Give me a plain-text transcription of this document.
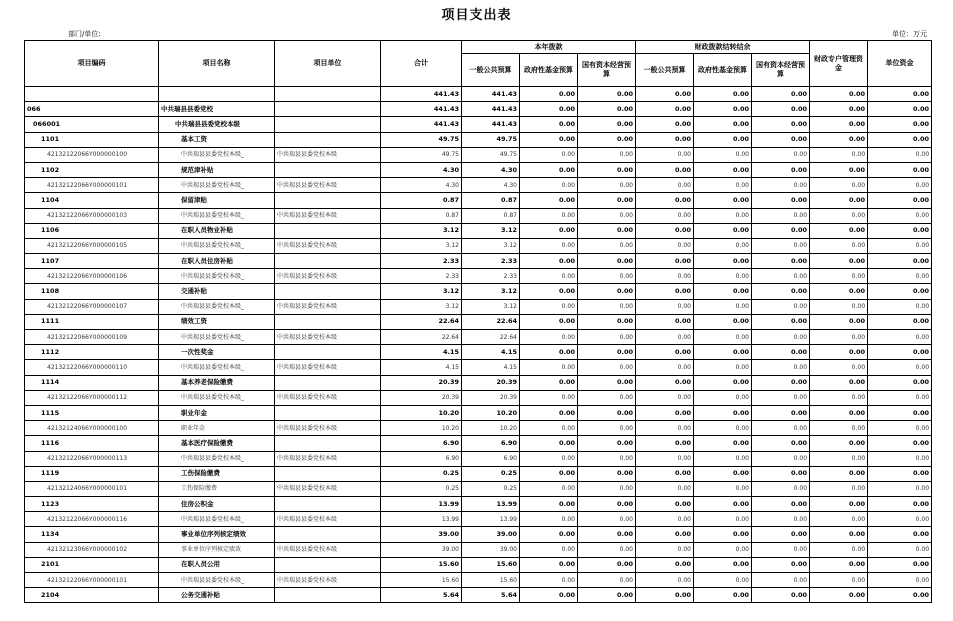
项目支出表
部门/单位:	单位：万元
项目编码	项目名称	项目单位	合计	本年拨款			财政拨款结转结余			财政专户管理资金	单位资金
				一般公共预算	政府性基金预算	国有资本经营预算	一般公共预算	政府性基金预算	国有资本经营预算		
			441.43	441.43	0.00	0.00	0.00	0.00	0.00	0.00	0.00
066	中共瑞县县委党校		441.43	441.43	0.00	0.00	0.00	0.00	0.00	0.00	0.00
066001	中共瑞县县委党校本级		441.43	441.43	0.00	0.00	0.00	0.00	0.00	0.00	0.00
1101	基本工资		49.75	49.75	0.00	0.00	0.00	0.00	0.00	0.00	0.00
42132122066Y000000100	中共瑞县县委党校本级_	中共瑞县县委党校本级	49.75	49.75	0.00	0.00	0.00	0.00	0.00	0.00	0.00
1102	规范津补贴		4.30	4.30	0.00	0.00	0.00	0.00	0.00	0.00	0.00
42132122066Y000000101	中共瑞县县委党校本级_	中共瑞县县委党校本级	4.30	4.30	0.00	0.00	0.00	0.00	0.00	0.00	0.00
1104	保留津贴		0.87	0.87	0.00	0.00	0.00	0.00	0.00	0.00	0.00
42132122066Y000000103	中共瑞县县委党校本级_	中共瑞县县委党校本级	0.87	0.87	0.00	0.00	0.00	0.00	0.00	0.00	0.00
1106	在职人员物业补贴		3.12	3.12	0.00	0.00	0.00	0.00	0.00	0.00	0.00
42132122066Y000000105	中共瑞县县委党校本级_	中共瑞县县委党校本级	3.12	3.12	0.00	0.00	0.00	0.00	0.00	0.00	0.00
1107	在职人员住房补贴		2.33	2.33	0.00	0.00	0.00	0.00	0.00	0.00	0.00
42132122066Y000000106	中共瑞县县委党校本级_	中共瑞县县委党校本级	2.33	2.33	0.00	0.00	0.00	0.00	0.00	0.00	0.00
1108	交通补贴		3.12	3.12	0.00	0.00	0.00	0.00	0.00	0.00	0.00
42132122066Y000000107	中共瑞县县委党校本级_	中共瑞县县委党校本级	3.12	3.12	0.00	0.00	0.00	0.00	0.00	0.00	0.00
1111	绩效工资		22.64	22.64	0.00	0.00	0.00	0.00	0.00	0.00	0.00
42132122066Y000000109	中共瑞县县委党校本级_	中共瑞县县委党校本级	22.64	22.64	0.00	0.00	0.00	0.00	0.00	0.00	0.00
1112	一次性奖金		4.15	4.15	0.00	0.00	0.00	0.00	0.00	0.00	0.00
42132122066Y000000110	中共瑞县县委党校本级_	中共瑞县县委党校本级	4.15	4.15	0.00	0.00	0.00	0.00	0.00	0.00	0.00
1114	基本养老保险缴费		20.39	20.39	0.00	0.00	0.00	0.00	0.00	0.00	0.00
42132122066Y000000112	中共瑞县县委党校本级_	中共瑞县县委党校本级	20.39	20.39	0.00	0.00	0.00	0.00	0.00	0.00	0.00
1115	职业年金		10.20	10.20	0.00	0.00	0.00	0.00	0.00	0.00	0.00
42132124066Y000000100	职业年金	中共瑞县县委党校本级	10.20	10.20	0.00	0.00	0.00	0.00	0.00	0.00	0.00
1116	基本医疗保险缴费		6.90	6.90	0.00	0.00	0.00	0.00	0.00	0.00	0.00
42132122066Y000000113	中共瑞县县委党校本级_	中共瑞县县委党校本级	6.90	6.90	0.00	0.00	0.00	0.00	0.00	0.00	0.00
1119	工伤保险缴费		0.25	0.25	0.00	0.00	0.00	0.00	0.00	0.00	0.00
42132124066Y000000101	工伤保险缴费	中共瑞县县委党校本级	0.25	0.25	0.00	0.00	0.00	0.00	0.00	0.00	0.00
1123	住房公积金		13.99	13.99	0.00	0.00	0.00	0.00	0.00	0.00	0.00
42132122066Y000000116	中共瑞县县委党校本级_	中共瑞县县委党校本级	13.99	13.99	0.00	0.00	0.00	0.00	0.00	0.00	0.00
1134	事业单位序列核定绩效		39.00	39.00	0.00	0.00	0.00	0.00	0.00	0.00	0.00
42132123066Y000000102	事业单位序列核定绩效	中共瑞县县委党校本级	39.00	39.00	0.00	0.00	0.00	0.00	0.00	0.00	0.00
2101	在职人员公用		15.60	15.60	0.00	0.00	0.00	0.00	0.00	0.00	0.00
42132122066Y000000101	中共瑞县县委党校本级_	中共瑞县县委党校本级	15.60	15.60	0.00	0.00	0.00	0.00	0.00	0.00	0.00
2104	公务交通补贴		5.64	5.64	0.00	0.00	0.00	0.00	0.00	0.00	0.00
